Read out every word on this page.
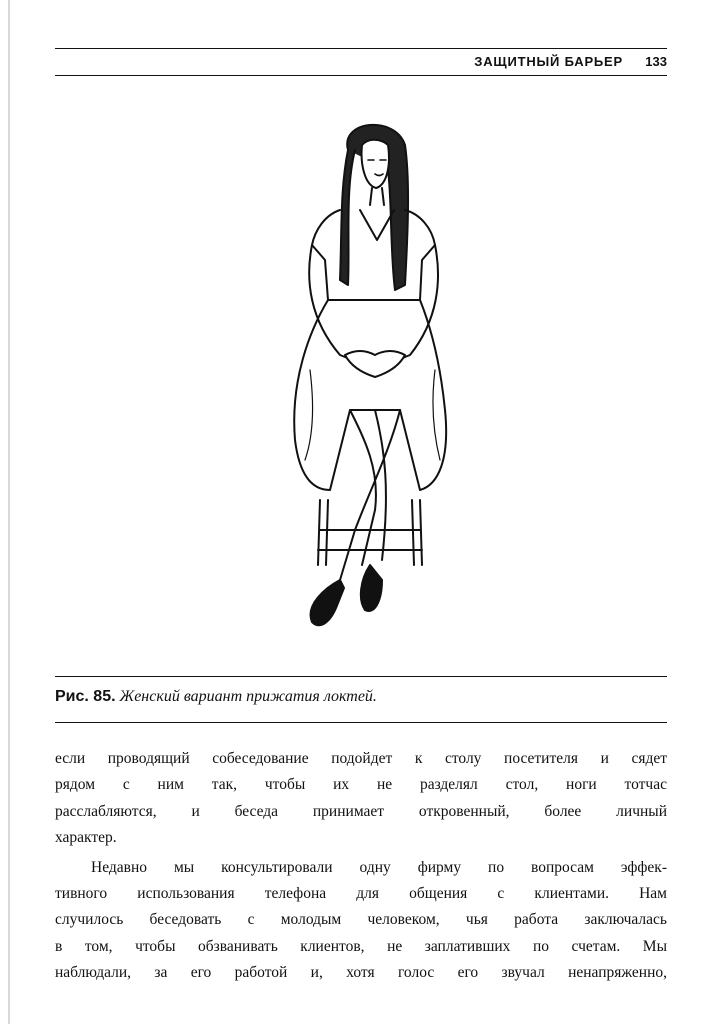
ЗАЩИТНЫЙ БАРЬЕР 133
Рис. 85. Женский вариант прижатия локтей.
если проводящий собеседование подойдет к столу посетителя и сядет
рядом с ним так, чтобы их не разделял стол, ноги тотчас
расслабляются, и беседа принимает откровенный, более личный
характер.
Недавно мы консультировали одну фирму по вопросам эффек-
тивного использования телефона для общения с клиентами. Нам
случилось беседовать с молодым человеком, чья работа заключалась
в том, чтобы обзванивать клиентов, не заплативших по счетам. Мы
наблюдали, за его работой и, хотя голос его звучал ненапряженно,
